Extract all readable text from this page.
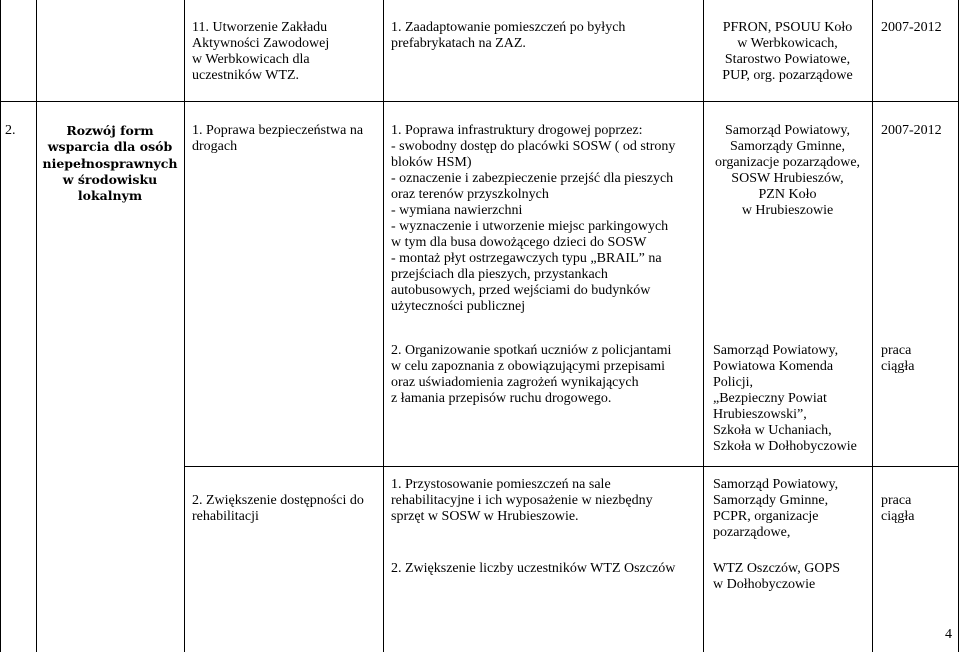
11. Utworzenie Zakładu
Aktywności Zawodowej
w Werbkowicach dla
uczestników WTZ.
1. Zaadaptowanie pomieszczeń po byłych
prefabrykatach na ZAZ.
PFRON, PSOUU Koło
w Werbkowicach,
Starostwo Powiatowe,
PUP, org. pozarządowe
2007-2012
2.	Rozwój form
wsparcia dla osób
niepełnosprawnych
w środowisku
lokalnym
1. Poprawa bezpieczeństwa na
drogach
1. Poprawa infrastruktury drogowej poprzez:
- swobodny dostęp do placówki SOSW ( od strony
bloków HSM)
- oznaczenie i zabezpieczenie przejść dla pieszych
oraz terenów przyszkolnych
- wymiana nawierzchni
- wyznaczenie i utworzenie miejsc parkingowych
w tym dla busa dowożącego dzieci do SOSW
- montaż płyt ostrzegawczych typu „BRAIL” na
przejściach dla pieszych, przystankach
autobusowych, przed wejściami do budynków
użyteczności publicznej
Samorząd Powiatowy,
Samorządy Gminne,
organizacje pozarządowe,
SOSW Hrubieszów,
PZN Koło
w Hrubieszowie
2007-2012
2. Organizowanie spotkań uczniów z policjantami
w celu zapoznania z obowiązującymi przepisami
oraz uświadomienia zagrożeń wynikających
z łamania przepisów ruchu drogowego.
Samorząd Powiatowy,
Powiatowa Komenda
Policji,
„Bezpieczny Powiat
Hrubieszowski”,
Szkoła w Uchaniach,
Szkoła w Dołhobyczowie
praca
ciągła
2. Zwiększenie dostępności do
rehabilitacji
1. Przystosowanie pomieszczeń na sale
rehabilitacyjne i ich wyposażenie w niezbędny
sprzęt w SOSW w Hrubieszowie.
Samorząd Powiatowy,
Samorządy Gminne,
PCPR, organizacje
pozarządowe,
praca
ciągła
2. Zwiększenie liczby uczestników WTZ Oszczów	WTZ Oszczów, GOPS
w Dołhobyczowie
4
